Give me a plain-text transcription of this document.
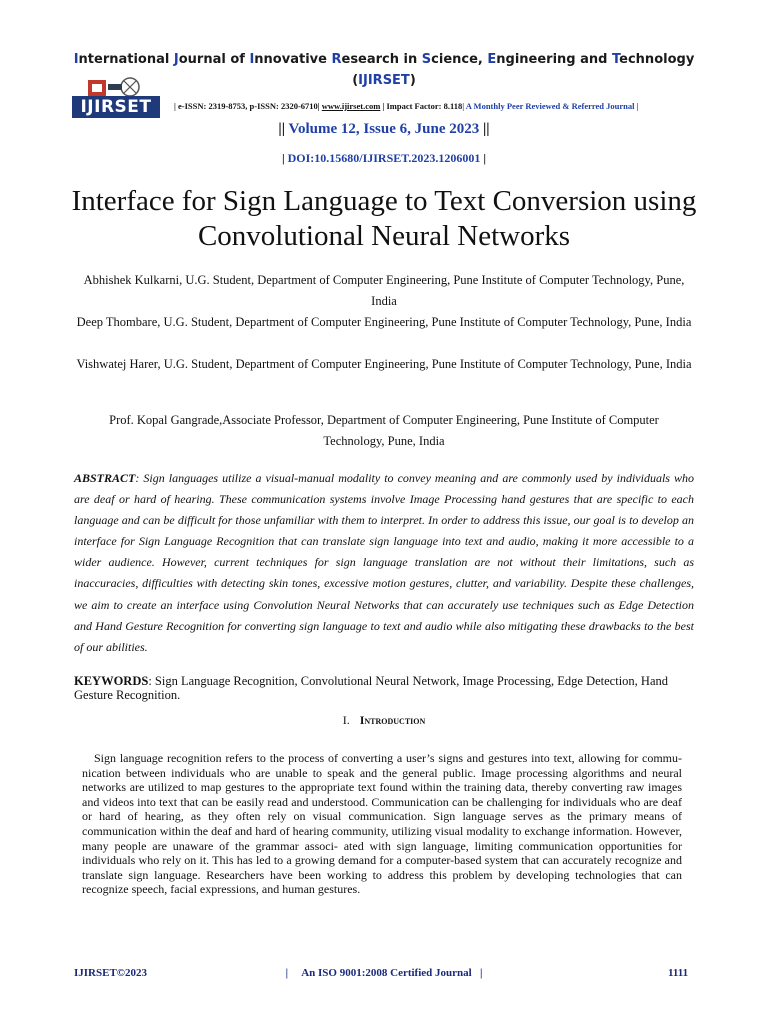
International Journal of Innovative Research in Science, Engineering and Technology
(IJIRSET)
IJIRSET	| e-ISSN: 2319-8753, p-ISSN: 2320-6710| www.ijirset.com | Impact Factor: 8.118| A Monthly Peer Reviewed & Referred Journal |
|| Volume 12, Issue 6, June 2023 ||
| DOI:10.15680/IJIRSET.2023.1206001 |
Interface for Sign Language to Text Conversion using Convolutional Neural Networks
Abhishek Kulkarni, U.G. Student, Department of Computer Engineering, Pune Institute of Computer Technology, Pune, India
Deep Thombare, U.G. Student, Department of Computer Engineering, Pune Institute of Computer Technology, Pune, India
Vishwatej Harer, U.G. Student, Department of Computer Engineering, Pune Institute of Computer Technology, Pune, India
Prof. Kopal Gangrade,Associate Professor, Department of Computer Engineering, Pune Institute of Computer Technology, Pune, India
ABSTRACT: Sign languages utilize a visual-manual modality to convey meaning and are commonly used by individuals who are deaf or hard of hearing. These communication systems involve Image Processing hand gestures that are specific to each language and can be difficult for those unfamiliar with them to interpret. In order to address this issue, our goal is to develop an interface for Sign Language Recognition that can translate sign language into text and audio, making it more accessible to a wider audience. However, current techniques for sign language translation are not without their limitations, such as inaccuracies, difficulties with detecting skin tones, excessive motion gestures, clutter, and variability. Despite these challenges, we aim to create an interface using Convolution Neural Networks that can accurately use techniques such as Edge Detection and Hand Gesture Recognition for converting sign language to text and audio while also mitigating these drawbacks to the best of our abilities.
KEYWORDS: Sign Language Recognition, Convolutional Neural Network, Image Processing, Edge Detection, Hand Gesture Recognition.
I. Introduction
Sign language recognition refers to the process of converting a user’s signs and gestures into text, allowing for commu- nication between individuals who are unable to speak and the general public. Image processing algorithms and neural networks are utilized to map gestures to the appropriate text found within the training data, thereby converting raw images and videos into text that can be easily read and understood. Communication can be challenging for individuals who are deaf or hard of hearing, as they often rely on visual communication. Sign language serves as the primary means of communication within the deaf and hard of hearing community, utilizing visual modality to exchange information. However, many people are unaware of the grammar associ- ated with sign language, limiting communication opportunities for individuals who rely on it. This has led to a growing demand for a computer-based system that can accurately recognize and translate sign language. Researchers have been working to address this problem by developing technologies that can recognize speech, facial expressions, and human gestures.
IJIRSET©2023	|     An ISO 9001:2008 Certified Journal   |	1111
